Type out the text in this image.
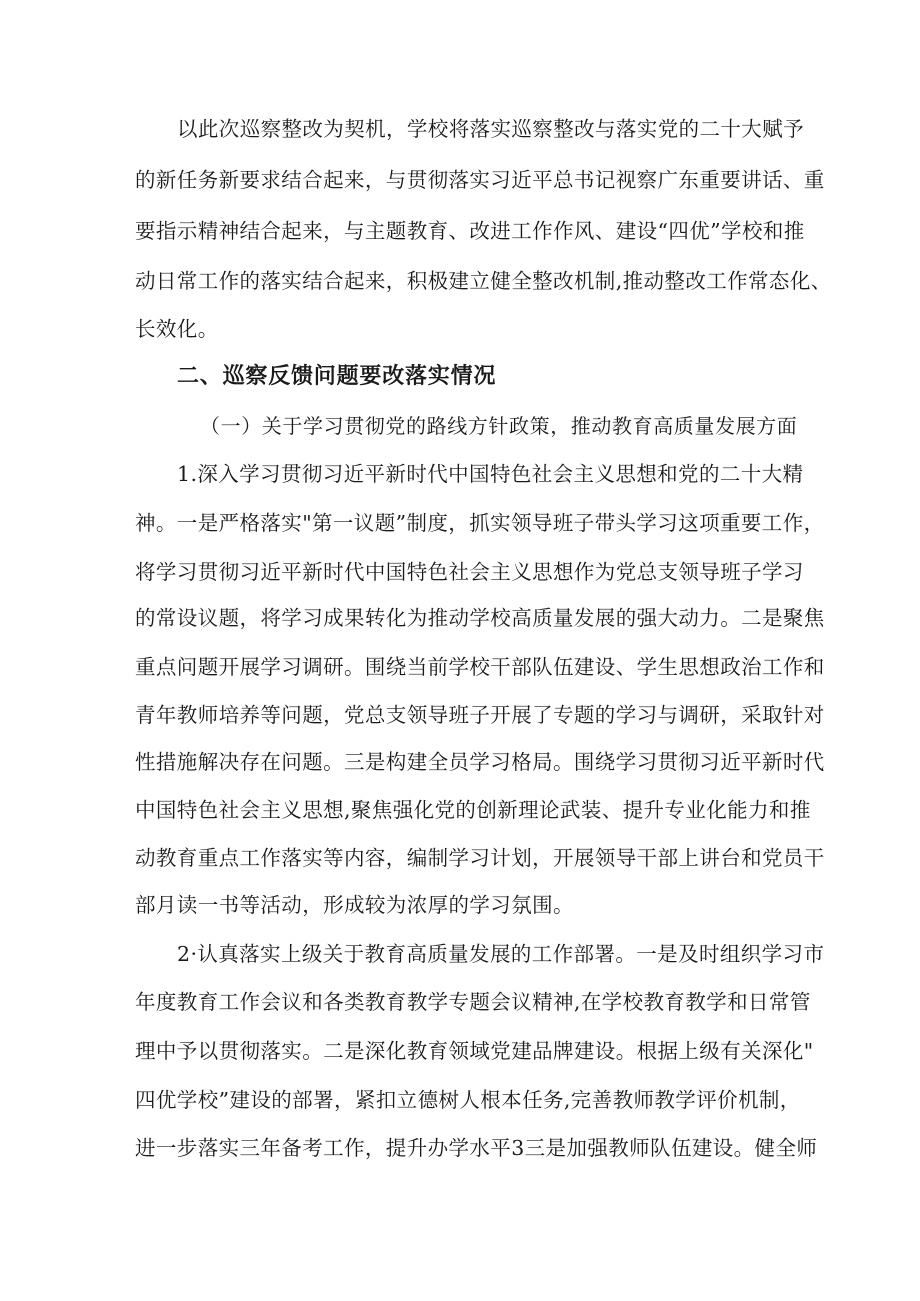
以此次巡察整改为契机，学校将落实巡察整改与落实党的二十大赋予
的新任务新要求结合起来，与贯彻落实习近平总书记视察广东重要讲话、重
要指示精神结合起来，与主题教育、改进工作作风、建设“四优”学校和推
动日常工作的落实结合起来，积极建立健全整改机制,推动整改工作常态化、
长效化。
二、巡察反馈问题要改落实情况
（一）关于学习贯彻党的路线方针政策，推动教育高质量发展方面
1.深入学习贯彻习近平新时代中国特色社会主义思想和党的二十大精
神。一是严格落实"第一议题”制度，抓实领导班子带头学习这项重要工作，
将学习贯彻习近平新时代中国特色社会主义思想作为党总支领导班子学习
的常设议题，将学习成果转化为推动学校高质量发展的强大动力。二是聚焦
重点问题开展学习调研。围绕当前学校干部队伍建设、学生思想政治工作和
青年教师培养等问题，党总支领导班子开展了专题的学习与调研，采取针对
性措施解决存在问题。三是构建全员学习格局。围绕学习贯彻习近平新时代
中国特色社会主义思想,聚焦强化党的创新理论武装、提升专业化能力和推
动教育重点工作落实等内容，编制学习计划，开展领导干部上讲台和党员干
部月读一书等活动，形成较为浓厚的学习氛围。
2·认真落实上级关于教育高质量发展的工作部署。一是及时组织学习市
年度教育工作会议和各类教育教学专题会议精神,在学校教育教学和日常管
理中予以贯彻落实。二是深化教育领域党建品牌建设。根据上级有关深化"
四优学校”建设的部署，紧扣立德树人根本任务,完善教师教学评价机制，
进一步落实三年备考工作，提升办学水平3三是加强教师队伍建设。健全师
